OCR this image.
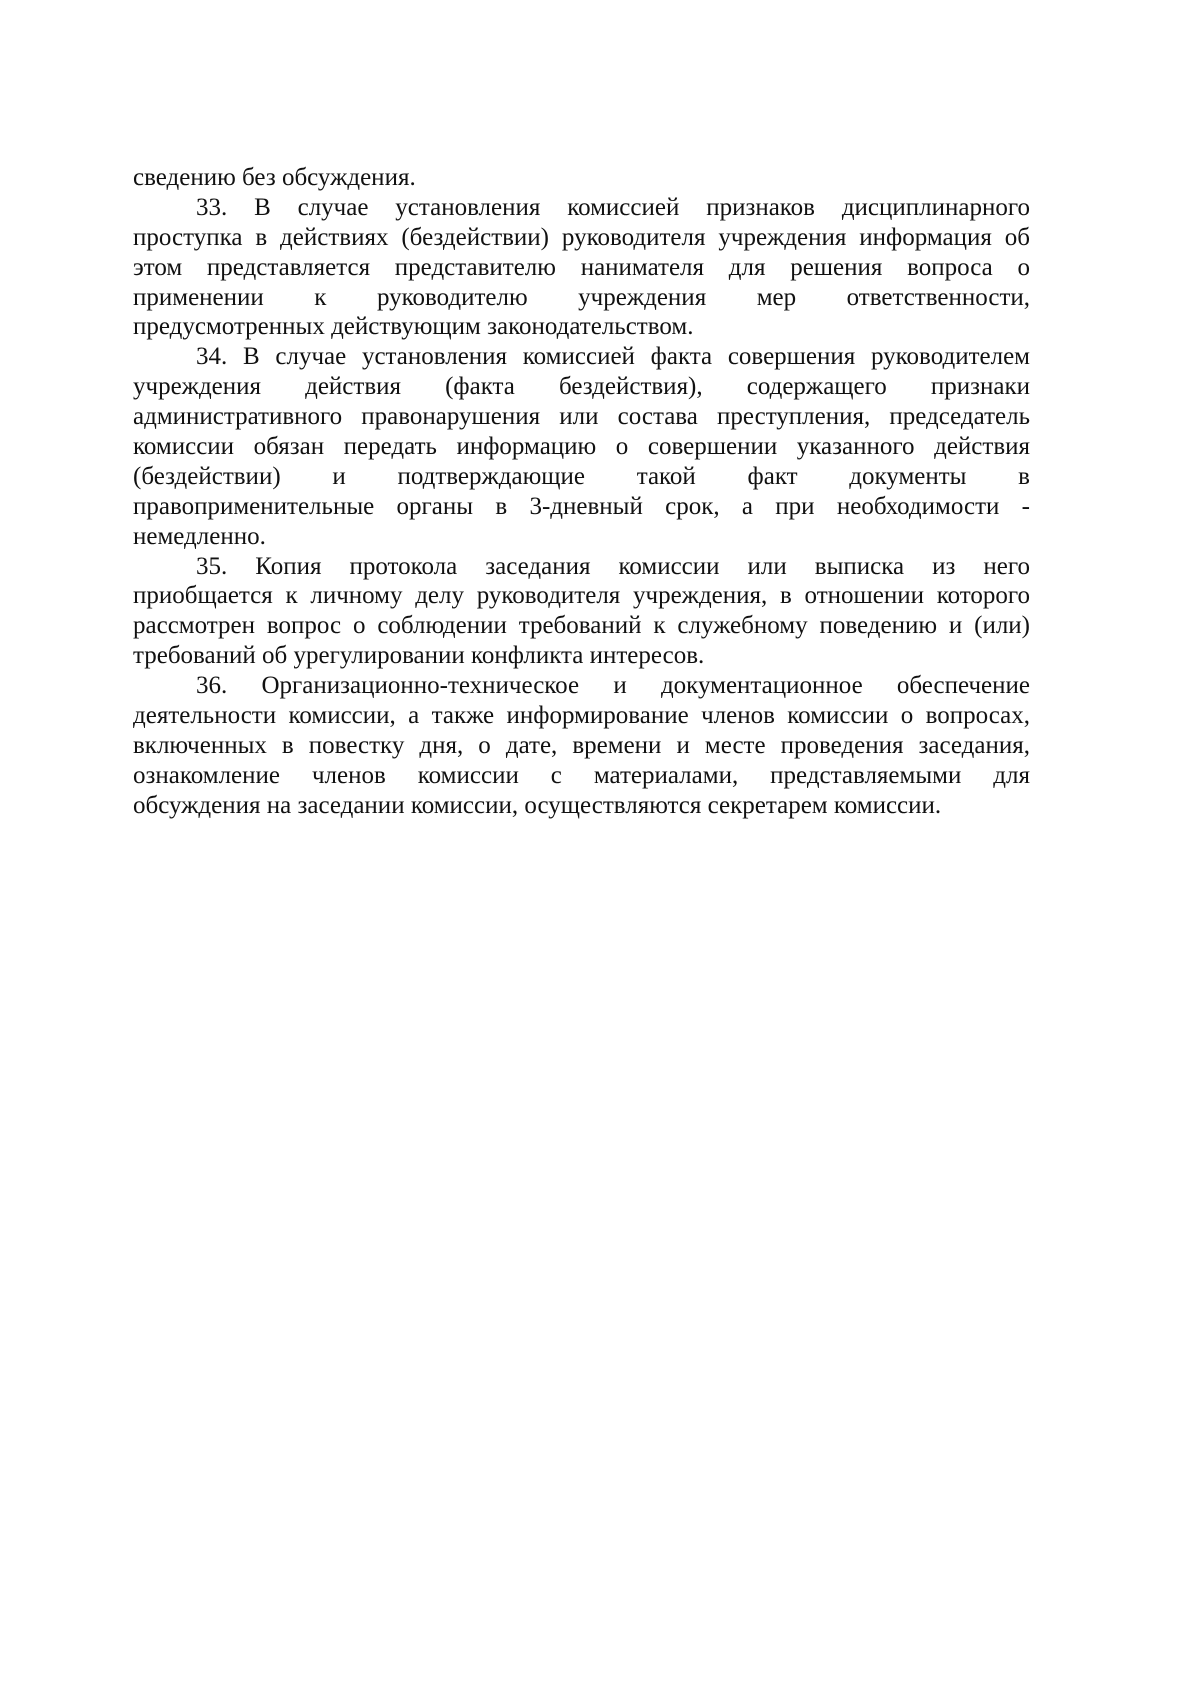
сведению без обсуждения.
33. В случае установления комиссией признаков дисциплинарного
проступка в действиях (бездействии) руководителя учреждения информация об
этом представляется представителю нанимателя для решения вопроса о
применении к руководителю учреждения мер ответственности,
предусмотренных действующим законодательством.
34. В случае установления комиссией факта совершения руководителем
учреждения действия (факта бездействия), содержащего признаки
административного правонарушения или состава преступления, председатель
комиссии обязан передать информацию о совершении указанного действия
(бездействии) и подтверждающие такой факт документы в
правоприменительные органы в 3-дневный срок, а при необходимости -
немедленно.
35. Копия протокола заседания комиссии или выписка из него
приобщается к личному делу руководителя учреждения, в отношении которого
рассмотрен вопрос о соблюдении требований к служебному поведению и (или)
требований об урегулировании конфликта интересов.
36. Организационно-техническое и документационное обеспечение
деятельности комиссии, а также информирование членов комиссии о вопросах,
включенных в повестку дня, о дате, времени и месте проведения заседания,
ознакомление членов комиссии с материалами, представляемыми для
обсуждения на заседании комиссии, осуществляются секретарем комиссии.
